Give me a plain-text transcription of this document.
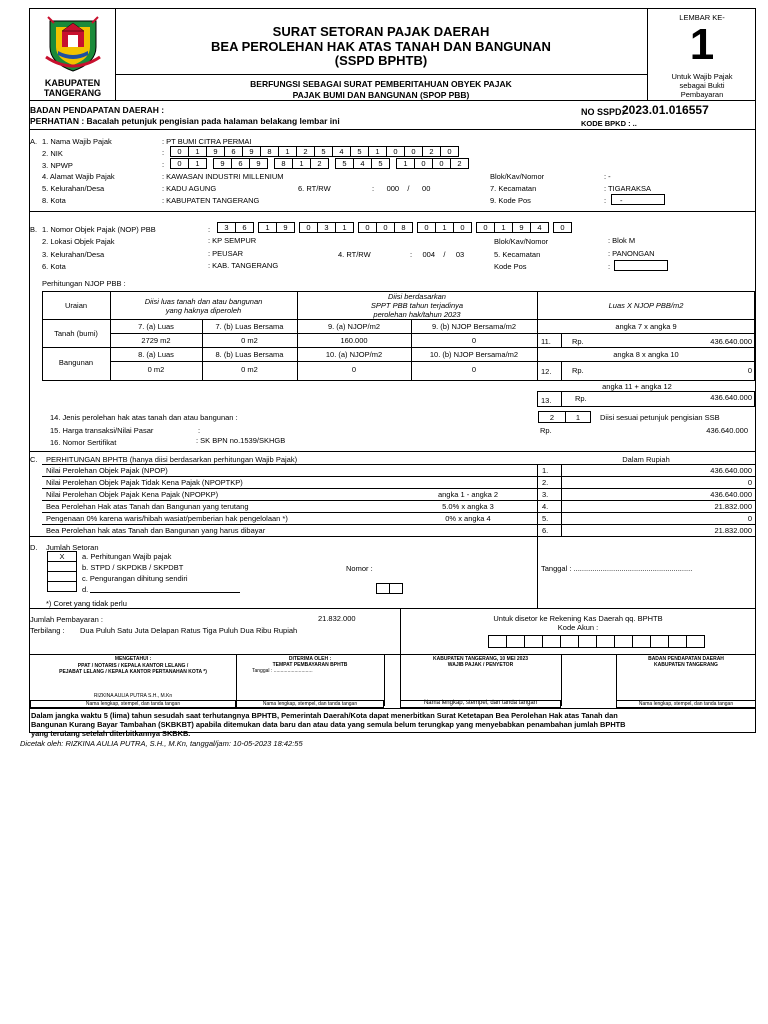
KABUPATEN
TANGERANG
SURAT SETORAN PAJAK DAERAH
BEA PEROLEHAN HAK ATAS TANAH DAN BANGUNAN
(SSPD BPHTB)
BERFUNGSI SEBAGAI SURAT PEMBERITAHUAN OBYEK PAJAK
PAJAK BUMI DAN BANGUNAN (SPOP PBB)
LEMBAR KE-
1
Untuk Wajib Pajak
sebagai Bukti
Pembayaran
BADAN PENDAPATAN DAERAH :
PERHATIAN : Bacalah petunjuk pengisian pada halaman belakang lembar ini
NO SSPD:
2023.01.016557
KODE BPKD : ..
A. 1. Nama Wajib Pajak	: PT BUMI CITRA PERMAI
2. NIK	:	0	1	9	6	9	8	1	2	5	4	5	1	0	0	2	0
3. NPWP	:	0	1	9	6	9	8	1	2	5	4	5	1	0	0	2
4. Alamat Wajib Pajak	: KAWASAN INDUSTRI MILLENIUM	Blok/Kav/Nomor	: -
5. Kelurahan/Desa	: KADU AGUNG	6. RT/RW	:      000    /      00	7. Kecamatan	: TIGARAKSA
8. Kota	: KABUPATEN TANGERANG	9. Kode Pos	: -
B. 1. Nomor Objek Pajak (NOP) PBB	:	3	6	1	9	0	3	1	0	0	8	0	1	0	0	1	9	4	0
2. Lokasi Objek Pajak	: KP SEMPUR	Blok/Kav/Nomor	: Blok M
3. Kelurahan/Desa	: PEUSAR	4. RT/RW	:     004    /     03	5. Kecamatan	: PANONGAN
6. Kota	: KAB. TANGERANG	Kode Pos	:
Perhitungan NJOP PBB :
Uraian	Diisi luas tanah dan atau bangunan
yang haknya diperoleh
Diisi berdasarkan
SPPT PBB tahun terjadinya
perolehan hak/tahun 2023
Luas X NJOP PBB/m2
Tanah (bumi)
7. (a) Luas	7. (b) Luas Bersama	9. (a) NJOP/m2	9. (b) NJOP Bersama/m2	angka 7 x angka 9
2729 m2	0 m2	160.000	0	11.	Rp.	436.640.000
Bangunan
8. (a) Luas	8. (b) Luas Bersama	10. (a) NJOP/m2	10. (b) NJOP Bersama/m2	angka 8 x angka 10
0 m2	0 m2	0	0	12.	Rp.	0
angka 11 + angka 12
13.	Rp.	436.640.000
14. Jenis perolehan hak atas tanah dan atau bangunan :	2	1	Diisi sesuai petunjuk pengisian SSB
15. Harga transaksi/Nilai Pasar	:	Rp.	436.640.000
16. Nomor Sertifikat	: SK BPN no.1539/SKHGB
C. PERHITUNGAN BPHTB (hanya diisi berdasarkan perhitungan Wajib Pajak)	Dalam Rupiah
Nilai Perolehan Objek Pajak (NPOP)	1.	436.640.000
Nilai Perolehan Objek Pajak Tidak Kena Pajak (NPOPTKP)	2.	0
Nilai Perolehan Objek Pajak Kena Pajak (NPOPKP)	angka 1 - angka 2	3.	436.640.000
Bea Perolehan Hak atas Tanah dan Bangunan yang terutang	5.0% x angka 3	4.	21.832.000
Pengenaan 0% karena waris/hibah wasiat/pemberian hak pengelolaan *)	0% x angka 4	5.	0
Bea Perolehan hak atas Tanah dan Bangunan yang harus dibayar	6.	21.832.000
D. Jumlah Setoran
X	a. Perhitungan Wajib pajak
b. STPD / SKPDKB / SKPDBT
c. Pengurangan dihitung sendiri
d.
Nomor :	Tanggal : .........................................................
*) Coret yang tidak perlu
Jumlah Pembayaran :	21.832.000
Terbilang : Dua Puluh Satu Juta Delapan Ratus Tiga Puluh Dua Ribu Rupiah
Untuk disetor ke Rekening Kas Daerah qq. BPHTB
Kode Akun :
MENGETAHUI :
PPAT / NOTARIS / KEPALA KANTOR LELANG /
PEJABAT LELANG / KEPALA KANTOR PERTANAHAN KOTA *)
RIZKINA AULIA PUTRA S.H., M.Kn
Nama lengkap, stempel, dan tanda tangan
DITERIMA OLEH :
TEMPAT PEMBAYARAN BPHTB
Tanggal : ............................
Nama lengkap, stempel, dan tanda tangan
KABUPATEN TANGERANG, 10 MEI 2023
WAJIB PAJAK / PENYETOR
Nama lengkap, stempel, dan tanda tangan
BADAN PENDAPATAN DAERAH
KABUPATEN TANGERANG
Nama lengkap, stempel, dan tanda tangan
Dalam jangka waktu 5 (lima) tahun sesudah saat terhutangnya BPHTB, Pemerintah Daerah/Kota dapat menerbitkan Surat Ketetapan Bea Perolehan Hak atas Tanah dan
Bangunan Kurang Bayar Tambahan (SKBKBT) apabila ditemukan data baru dan atau data yang semula belum terungkap yang menyebabkan penambahan jumlah BPHTB
yang terutang setelah diterbitkannya SKBKB.
Dicetak oleh: RIZKINA AULIA PUTRA, S.H., M.Kn, tanggal/jam: 10-05-2023 18:42:55
